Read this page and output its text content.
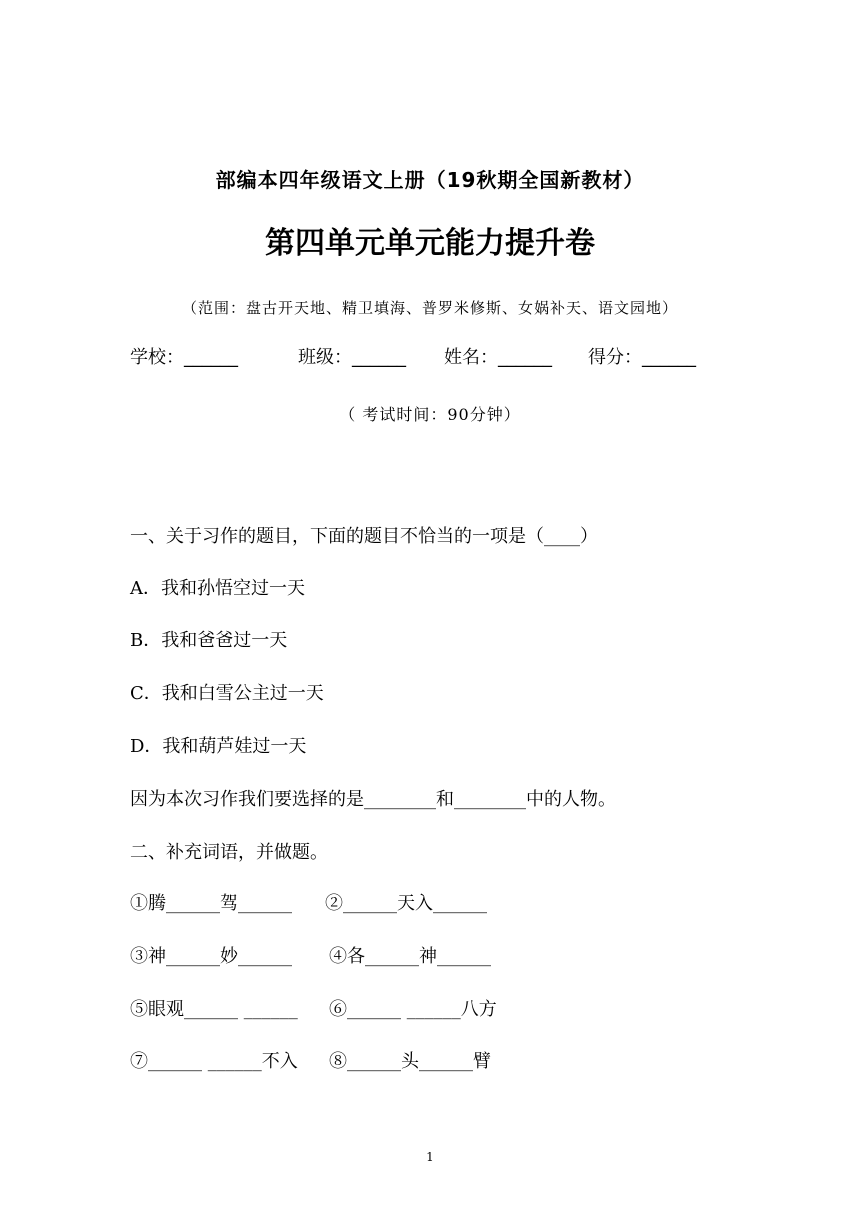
部编本四年级语文上册（19秋期全国新教材）
第四单元单元能力提升卷
（范围：盘古开天地、精卫填海、普罗米修斯、女娲补天、语文园地）
学校：______	班级：______ 姓名：______ 得分：______
（ 考试时间：90分钟）
一、关于习作的题目，下面的题目不恰当的一项是（____）
A．我和孙悟空过一天
B．我和爸爸过一天
C．我和白雪公主过一天
D．我和葫芦娃过一天
因为本次习作我们要选择的是________和________中的人物。
二、补充词语，并做题。
①腾______驾______ ②______天入______
③神______妙______ ④各______神______
⑤眼观______ ______ ⑥______ ______八方
⑦______ ______不入 ⑧______头______臂
1
